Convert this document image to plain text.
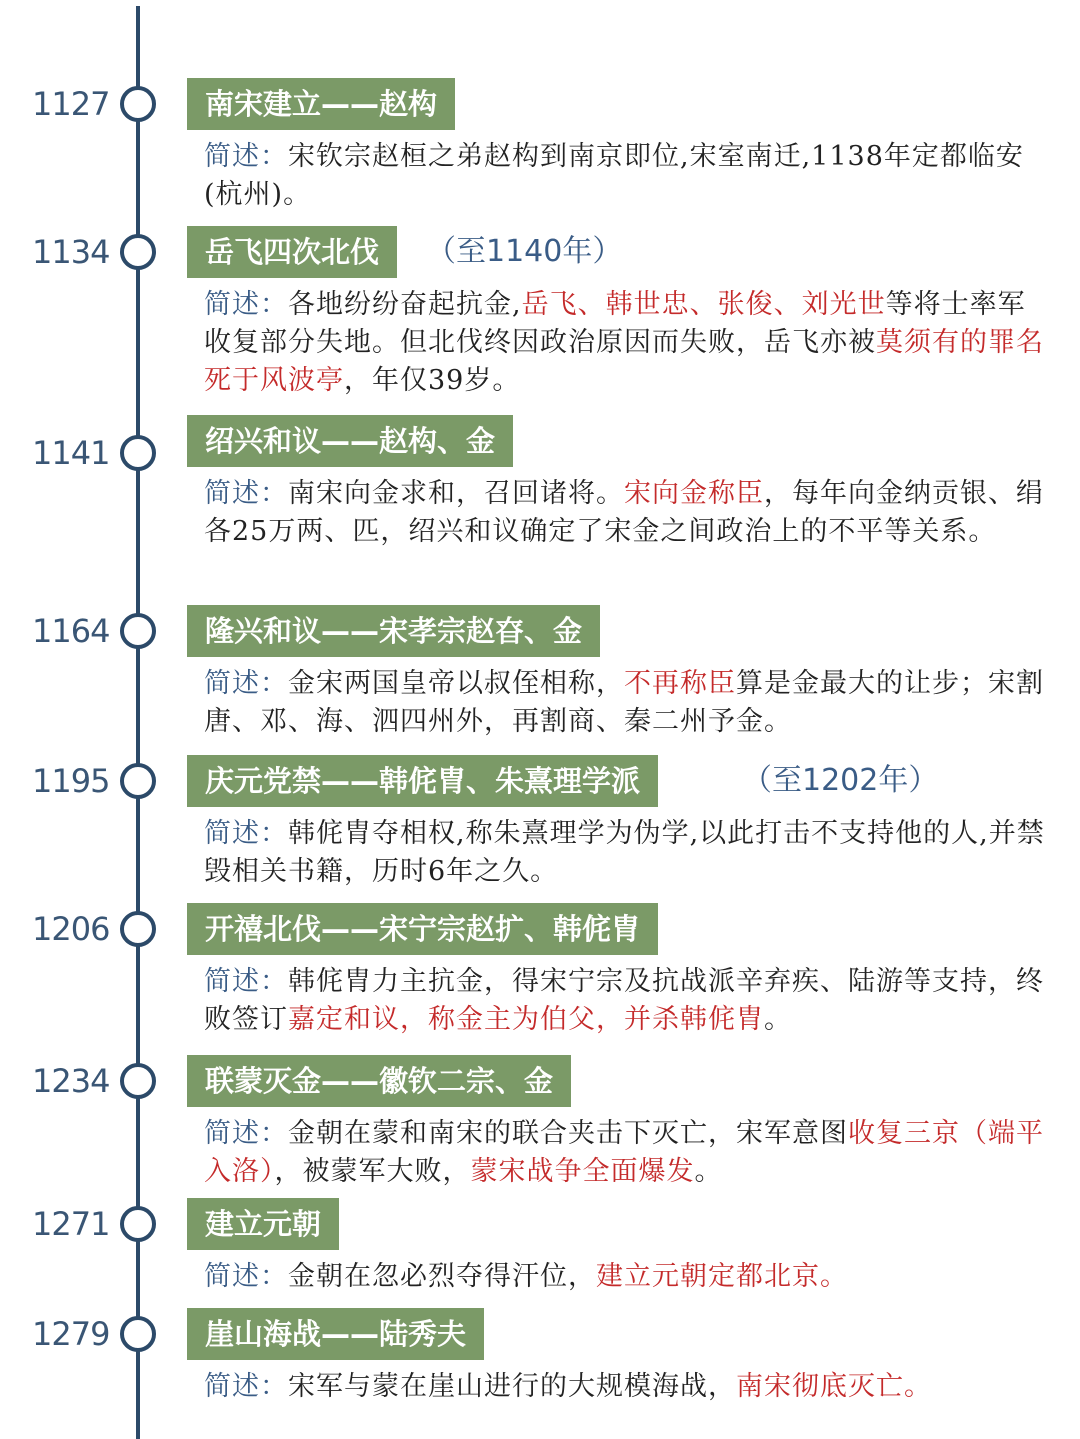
1127	南宋建立——赵构
简述：宋钦宗赵桓之弟赵构到南京即位,宋室南迁,1138年定都临安(杭州)。
1134	岳飞四次北伐	（至1140年）
简述：各地纷纷奋起抗金,岳飞、韩世忠、张俊、刘光世等将士率军收复部分失地。但北伐终因政治原因而失败，岳飞亦被莫须有的罪名死于风波亭，年仅39岁。
1141	绍兴和议——赵构、金
简述：南宋向金求和，召回诸将。宋向金称臣，每年向金纳贡银、绢各25万两、匹，绍兴和议确定了宋金之间政治上的不平等关系。
1164	隆兴和议——宋孝宗赵昚、金
简述：金宋两国皇帝以叔侄相称，不再称臣算是金最大的让步；宋割唐、邓、海、泗四州外，再割商、秦二州予金。
1195	庆元党禁——韩侂胄、朱熹理学派	（至1202年）
简述：韩侂胄夺相权,称朱熹理学为伪学,以此打击不支持他的人,并禁毁相关书籍，历时6年之久。
1206	开禧北伐——宋宁宗赵扩、韩侂胄
简述：韩侂胄力主抗金，得宋宁宗及抗战派辛弃疾、陆游等支持，终败签订嘉定和议，称金主为伯父，并杀韩侂胄。
1234	联蒙灭金——徽钦二宗、金
简述：金朝在蒙和南宋的联合夹击下灭亡，宋军意图收复三京（端平入洛），被蒙军大败，蒙宋战争全面爆发。
1271	建立元朝
简述：金朝在忽必烈夺得汗位，建立元朝定都北京。
1279	崖山海战——陆秀夫
简述：宋军与蒙在崖山进行的大规模海战，南宋彻底灭亡。
